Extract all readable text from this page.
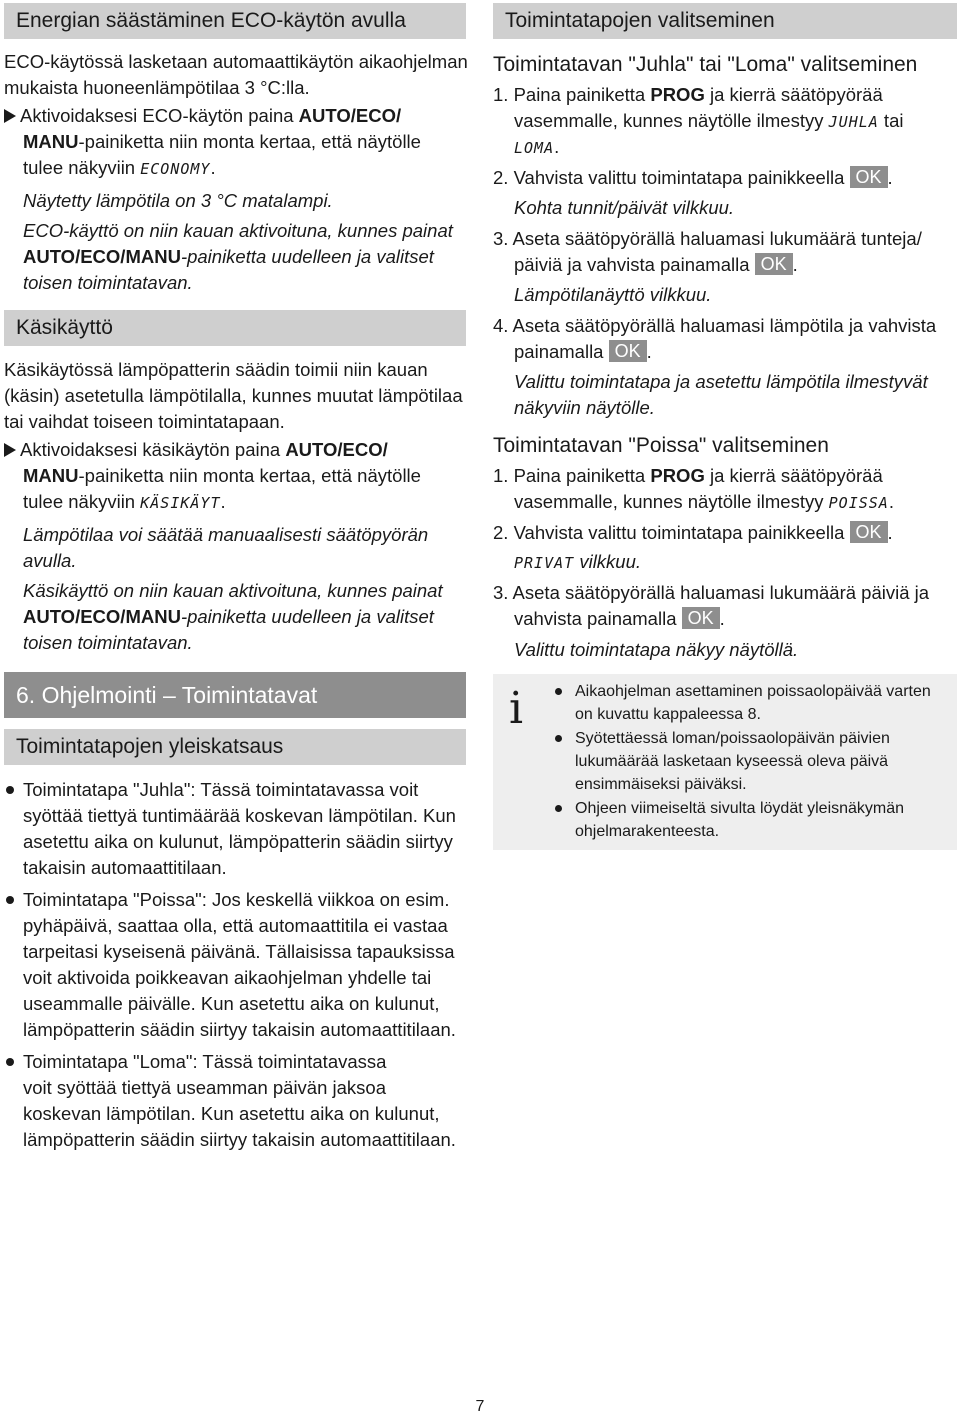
Energian säästäminen ECO-käytön avulla
ECO-käytössä lasketaan automaattikäytön aikaohjelman
mukaista huoneenlämpötilaa 3 °C:lla.
Aktivoidaksesi ECO-käytön paina AUTO/ECO/
MANU-painiketta niin monta kertaa, että näytölle
tulee näkyviin ECONOMY.
Näytetty lämpötila on 3 °C matalampi.
ECO-käyttö on niin kauan aktivoituna, kunnes painat
AUTO/ECO/MANU-painiketta uudelleen ja valitset
toisen toimintatavan.
Käsikäyttö
Käsikäytössä lämpöpatterin säädin toimii niin kauan
(käsin) asetetulla lämpötilalla, kunnes muutat lämpötilaa
tai vaihdat toiseen toimintatapaan.
Aktivoidaksesi käsikäytön paina AUTO/ECO/
MANU-painiketta niin monta kertaa, että näytölle
tulee näkyviin KÄSIKÄYT.
Lämpötilaa voi säätää manuaalisesti säätöpyörän
avulla.
Käsikäyttö on niin kauan aktivoituna, kunnes painat
AUTO/ECO/MANU-painiketta uudelleen ja valitset
toisen toimintatavan.
6. Ohjelmointi – Toimintatavat
Toimintatapojen yleiskatsaus
Toimintatapa "Juhla": Tässä toimintatavassa voit
syöttää tiettyä tuntimäärää koskevan lämpötilan. Kun
asetettu aika on kulunut, lämpöpatterin säädin siirtyy
takaisin automaattitilaan.
Toimintatapa "Poissa": Jos keskellä viikkoa on esim.
pyhäpäivä, saattaa olla, että automaattitila ei vastaa
tarpeitasi kyseisenä päivänä. Tällaisissa tapauksissa
voit aktivoida poikkeavan aikaohjelman yhdelle tai
useammalle päivälle. Kun asetettu aika on kulunut,
lämpöpatterin säädin siirtyy takaisin automaattitilaan.
Toimintatapa "Loma": Tässä toimintatavassa
voit syöttää tiettyä useamman päivän jaksoa
koskevan lämpötilan. Kun asetettu aika on kulunut,
lämpöpatterin säädin siirtyy takaisin automaattitilaan.
Toimintatapojen valitseminen
Toimintatavan "Juhla" tai "Loma" valitseminen
1. Paina painiketta PROG ja kierrä säätöpyörää
vasemmalle, kunnes näytölle ilmestyy JUHLA tai
LOMA.
2. Vahvista valittu toimintatapa painikkeella OK .
Kohta tunnit/päivät vilkkuu.
3. Aseta säätöpyörällä haluamasi lukumäärä tunteja/
päiviä ja vahvista painamalla OK .
Lämpötilanäyttö vilkkuu.
4. Aseta säätöpyörällä haluamasi lämpötila ja vahvista
painamalla OK .
Valittu toimintatapa ja asetettu lämpötila ilmestyvät
näkyviin näytölle.
Toimintatavan "Poissa" valitseminen
1. Paina painiketta PROG ja kierrä säätöpyörää
vasemmalle, kunnes näytölle ilmestyy POISSA.
2. Vahvista valittu toimintatapa painikkeella OK .
PRIVAT vilkkuu.
3. Aseta säätöpyörällä haluamasi lukumäärä päiviä ja
vahvista painamalla OK .
Valittu toimintatapa näkyy näytöllä.
i	Aikaohjelman asettaminen poissaolopäivää varten
on kuvattu kappaleessa 8.
Syötettäessä loman/poissaolopäivän päivien
lukumäärää lasketaan kyseessä oleva päivä
ensimmäiseksi päiväksi.
Ohjeen viimeiseltä sivulta löydät yleisnäkymän
ohjelmarakenteesta.
7
